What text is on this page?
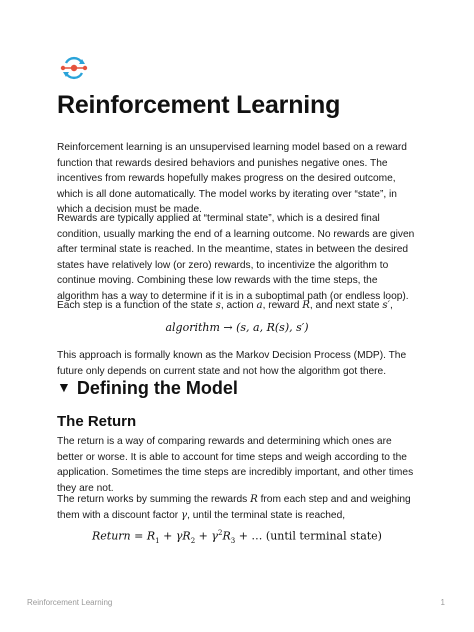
Reinforcement Learning

Reinforcement learning is an unsupervised learning model based on a reward function that rewards desired behaviors and punishes negative ones. The incentives from rewards hopefully makes progress on the desired outcome, which is all done automatically. The model works by iterating over “state”, in which a decision must be made.

Rewards are typically applied at “terminal state”, which is a desired final condition, usually marking the end of a learning outcome. No rewards are given after terminal state is reached. In the meantime, states in between the desired states have relatively low (or zero) rewards, to incentivize the algorithm to continue moving. Combining these low rewards with the time steps, the algorithm has a way to determine if it is in a suboptimal path (or endless loop).

Each step is a function of the state s, action a, reward R, and next state s′,

algorithm → (s, a, R(s), s′)

This approach is formally known as the Markov Decision Process (MDP). The future only depends on current state and not how the algorithm got there.

▼ Defining the Model
The Return

The return is a way of comparing rewards and determining which ones are better or worse. It is able to account for time steps and weigh according to the application. Sometimes the time steps are incredibly important, and other times they are not.

The return works by summing the rewards R from each step and and weighing them with a discount factor γ, until the terminal state is reached,

Return = $R_1 + \gamma R_2 + \gamma^2R_3$ + … (until terminal state)
Reinforcement Learning	1
